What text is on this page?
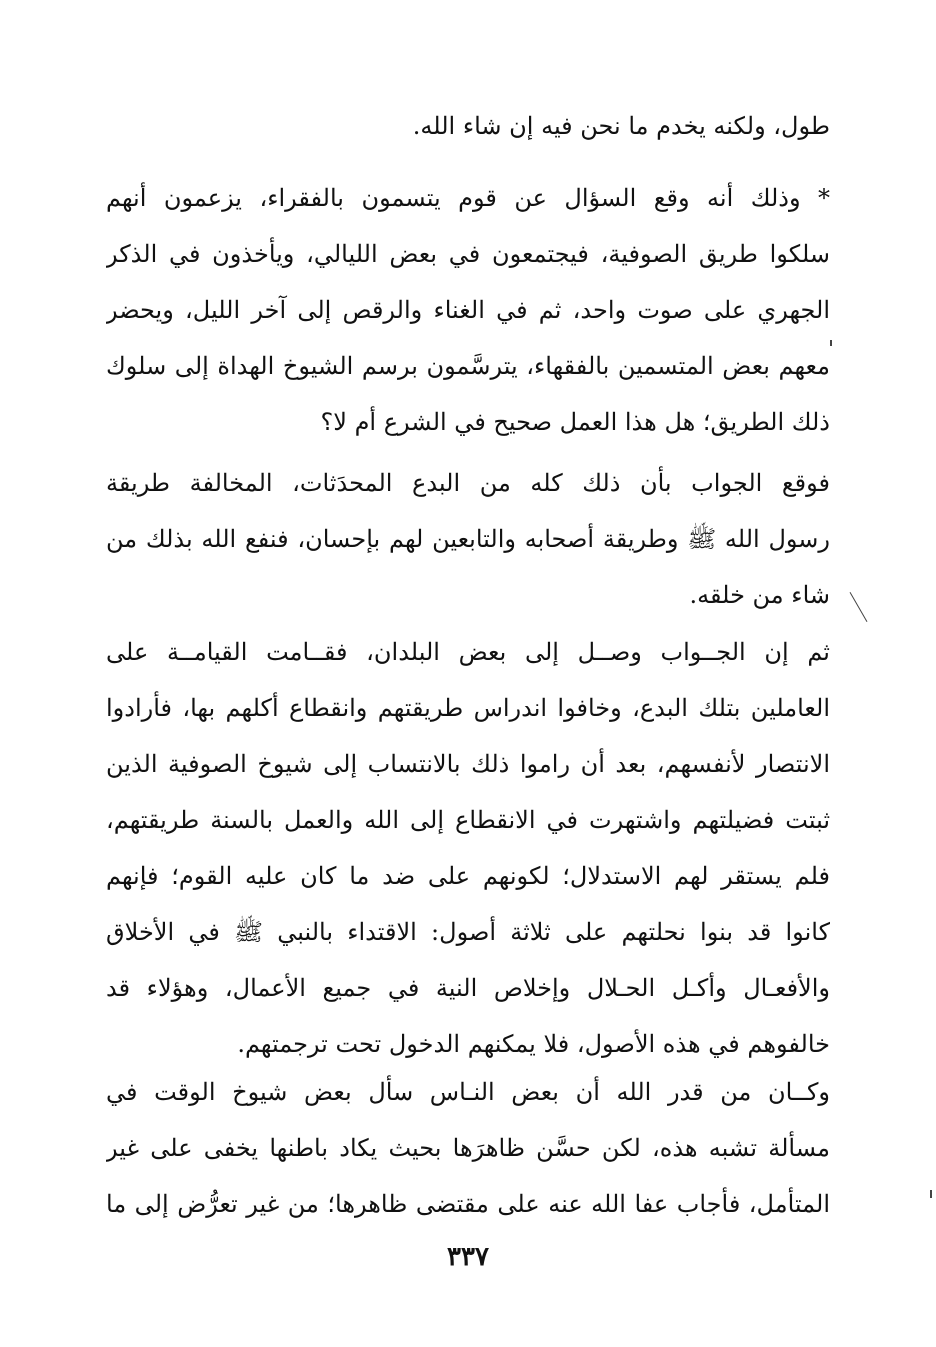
طول، ولكنه يخدم ما نحن فيه إن شاء الله.
* وذلك أنه وقع السؤال عن قوم يتسمون بالفقراء، يزعمون أنهم
سلكوا طريق الصوفية، فيجتمعون في بعض الليالي، ويأخذون في الذكر
الجهري على صوت واحد، ثم في الغناء والرقص إلى آخر الليل، ويحضر
معهم بعض المتسمين بالفقهاء، يترسَّمون برسم الشيوخ الهداة إلى سلوك
ذلك الطريق؛ هل هذا العمل صحيح في الشرع أم لا؟
فوقع الجواب بأن ذلك كله من البدع المحدَثات، المخالفة طريقة
رسول الله ﷺ وطريقة أصحابه والتابعين لهم بإحسان، فنفع الله بذلك من
شاء من خلقه.
ثم إن الجــواب وصــل إلى بعض البلدان، فقــامت القيامــة على
العاملين بتلك البدع، وخافوا اندراس طريقتهم وانقطاع أكلهم بها، فأرادوا
الانتصار لأنفسهم، بعد أن راموا ذلك بالانتساب إلى شيوخ الصوفية الذين
ثبتت فضيلتهم واشتهرت في الانقطاع إلى الله والعمل بالسنة طريقتهم،
فلم يستقر لهم الاستدلال؛ لكونهم على ضد ما كان عليه القوم؛ فإنهم
كانوا قد بنوا نحلتهم على ثلاثة أصول: الاقتداء بالنبي ﷺ في الأخلاق
والأفعـال وأكـل الحـلال وإخلاص النية في جميع الأعمال، وهؤلاء قد
خالفوهم في هذه الأصول، فلا يمكنهم الدخول تحت ترجمتهم.
وكــان من قدر الله أن بعض النـاس سأل بعض شيوخ الوقت في
مسألة تشبه هذه، لكن حسَّن ظاهرَها بحيث يكاد باطنها يخفى على غير
المتأمل، فأجاب عفا الله عنه على مقتضى ظاهرها؛ من غير تعرُّض إلى ما
٣٣٧
